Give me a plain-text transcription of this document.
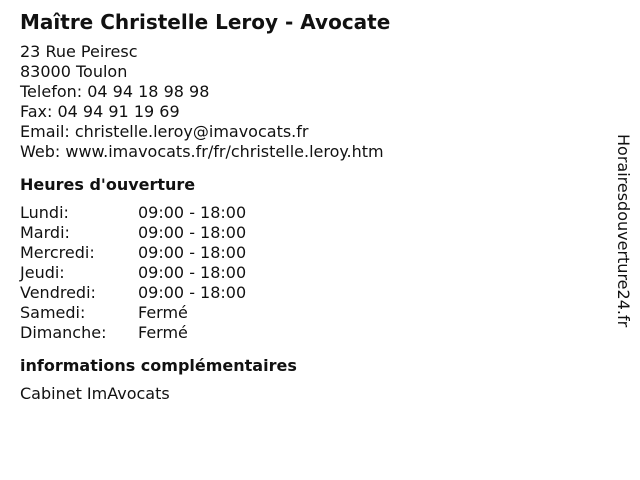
Maître Christelle Leroy - Avocate
23 Rue Peiresc
83000 Toulon
Telefon: 04 94 18 98 98
Fax: 04 94 91 19 69
Email: christelle.leroy@imavocats.fr
Web: www.imavocats.fr/fr/christelle.leroy.htm
Heures d'ouverture
Lundi:	09:00 - 18:00
Mardi:	09:00 - 18:00
Mercredi:	09:00 - 18:00
Jeudi:	09:00 - 18:00
Vendredi:	09:00 - 18:00
Samedi:	Fermé
Dimanche:	Fermé
informations complémentaires
Cabinet ImAvocats
Horairesdouverture24.fr
